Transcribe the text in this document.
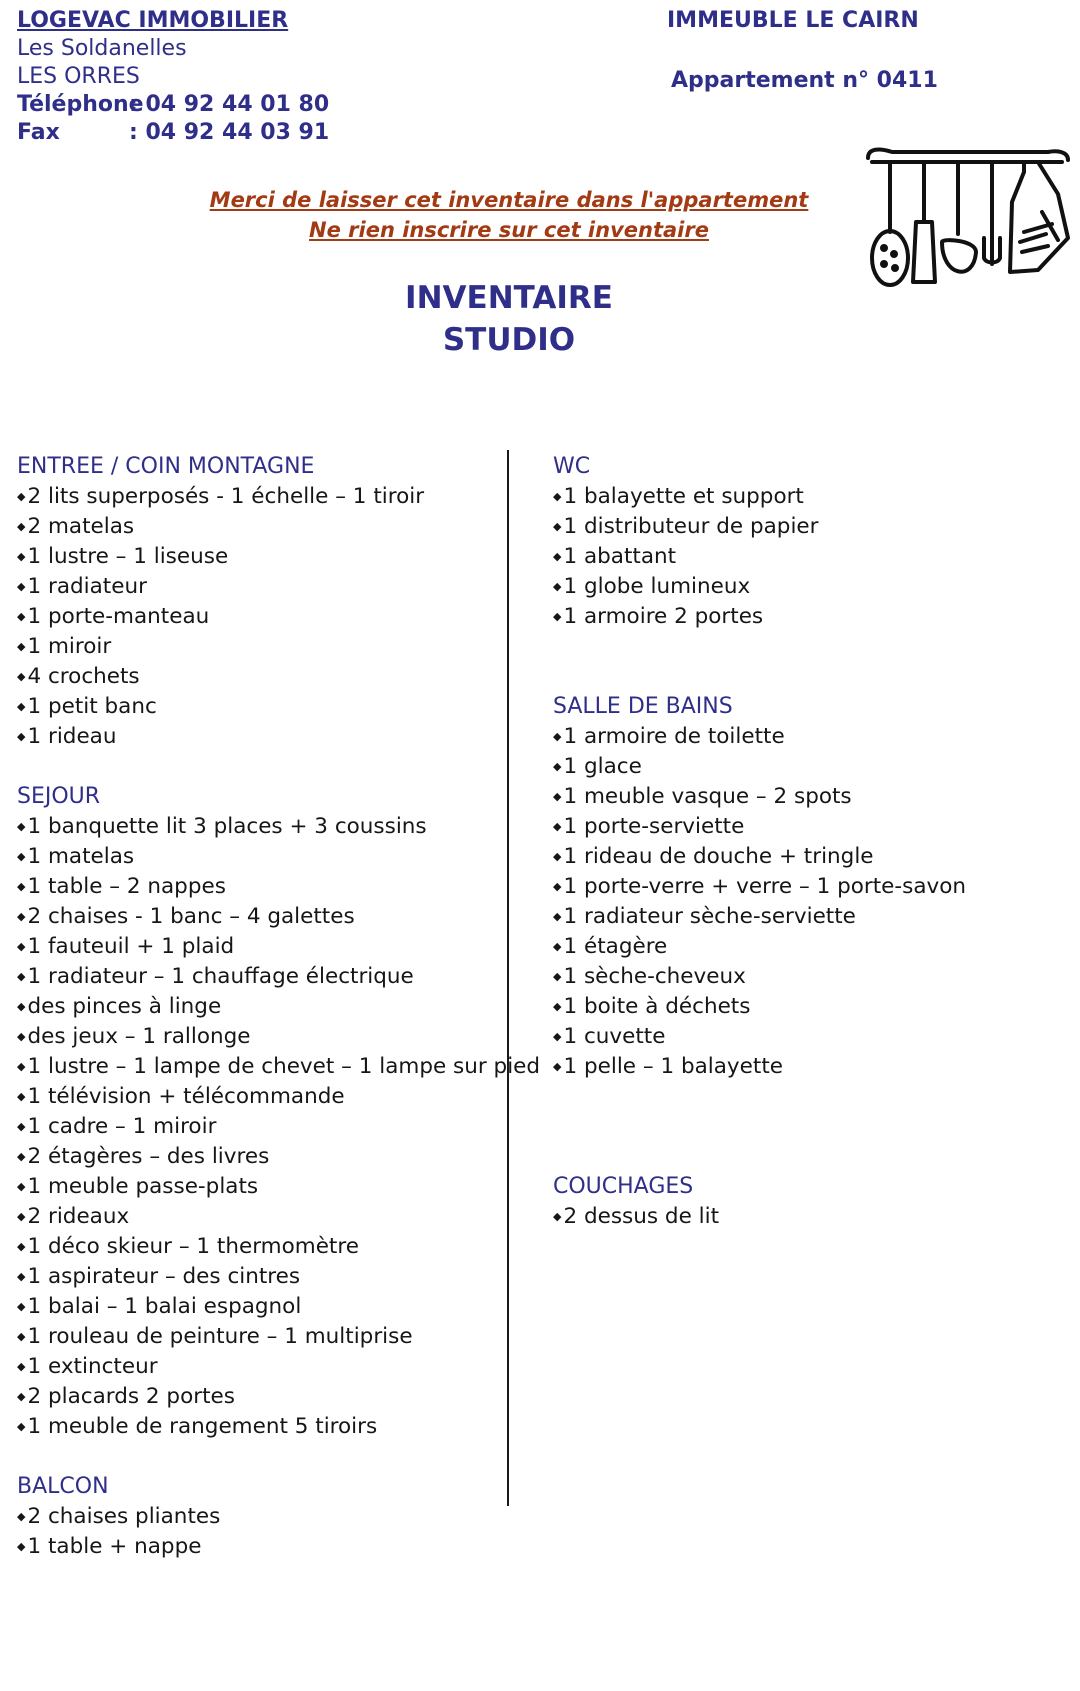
LOGEVAC IMMOBILIER
Les Soldanelles
LES ORRES
Téléphone: 04 92 44 01 80
Fax	: 04 92 44 03 91
IMMEUBLE LE CAIRN
Appartement n° 0411
Merci de laisser cet inventaire dans l'appartement
Ne rien inscrire sur cet inventaire
INVENTAIRE
STUDIO
ENTREE / COIN MONTAGNE
◆ 2 lits superposés - 1 échelle – 1 tiroir
◆ 2 matelas
◆ 1 lustre – 1 liseuse
◆ 1 radiateur
◆ 1 porte-manteau
◆ 1 miroir
◆ 4 crochets
◆ 1 petit banc
◆ 1 rideau
SEJOUR
◆ 1 banquette lit 3 places + 3 coussins
◆ 1 matelas
◆ 1 table – 2 nappes
◆ 2 chaises - 1 banc – 4 galettes
◆ 1 fauteuil + 1 plaid
◆ 1 radiateur – 1 chauffage électrique
◆ des pinces à linge
◆ des jeux – 1 rallonge
◆ 1 lustre – 1 lampe de chevet – 1 lampe sur pied
◆ 1 télévision + télécommande
◆ 1 cadre – 1 miroir
◆ 2 étagères – des livres
◆ 1 meuble passe-plats
◆ 2 rideaux
◆ 1 déco skieur – 1 thermomètre
◆ 1 aspirateur – des cintres
◆ 1 balai – 1 balai espagnol
◆ 1 rouleau de peinture – 1 multiprise
◆ 1 extincteur
◆ 2 placards 2 portes
◆ 1 meuble de rangement 5 tiroirs
BALCON
◆ 2 chaises pliantes
◆ 1 table + nappe
WC
◆ 1 balayette et support
◆ 1 distributeur de papier
◆ 1 abattant
◆ 1 globe lumineux
◆ 1 armoire 2 portes
SALLE DE BAINS
◆ 1 armoire de toilette
◆ 1 glace
◆ 1 meuble vasque – 2 spots
◆ 1 porte-serviette
◆ 1 rideau de douche + tringle
◆ 1 porte-verre + verre – 1 porte-savon
◆ 1 radiateur sèche-serviette
◆ 1 étagère
◆ 1 sèche-cheveux
◆ 1 boite à déchets
◆ 1 cuvette
◆ 1 pelle – 1 balayette
COUCHAGES
◆ 2 dessus de lit
